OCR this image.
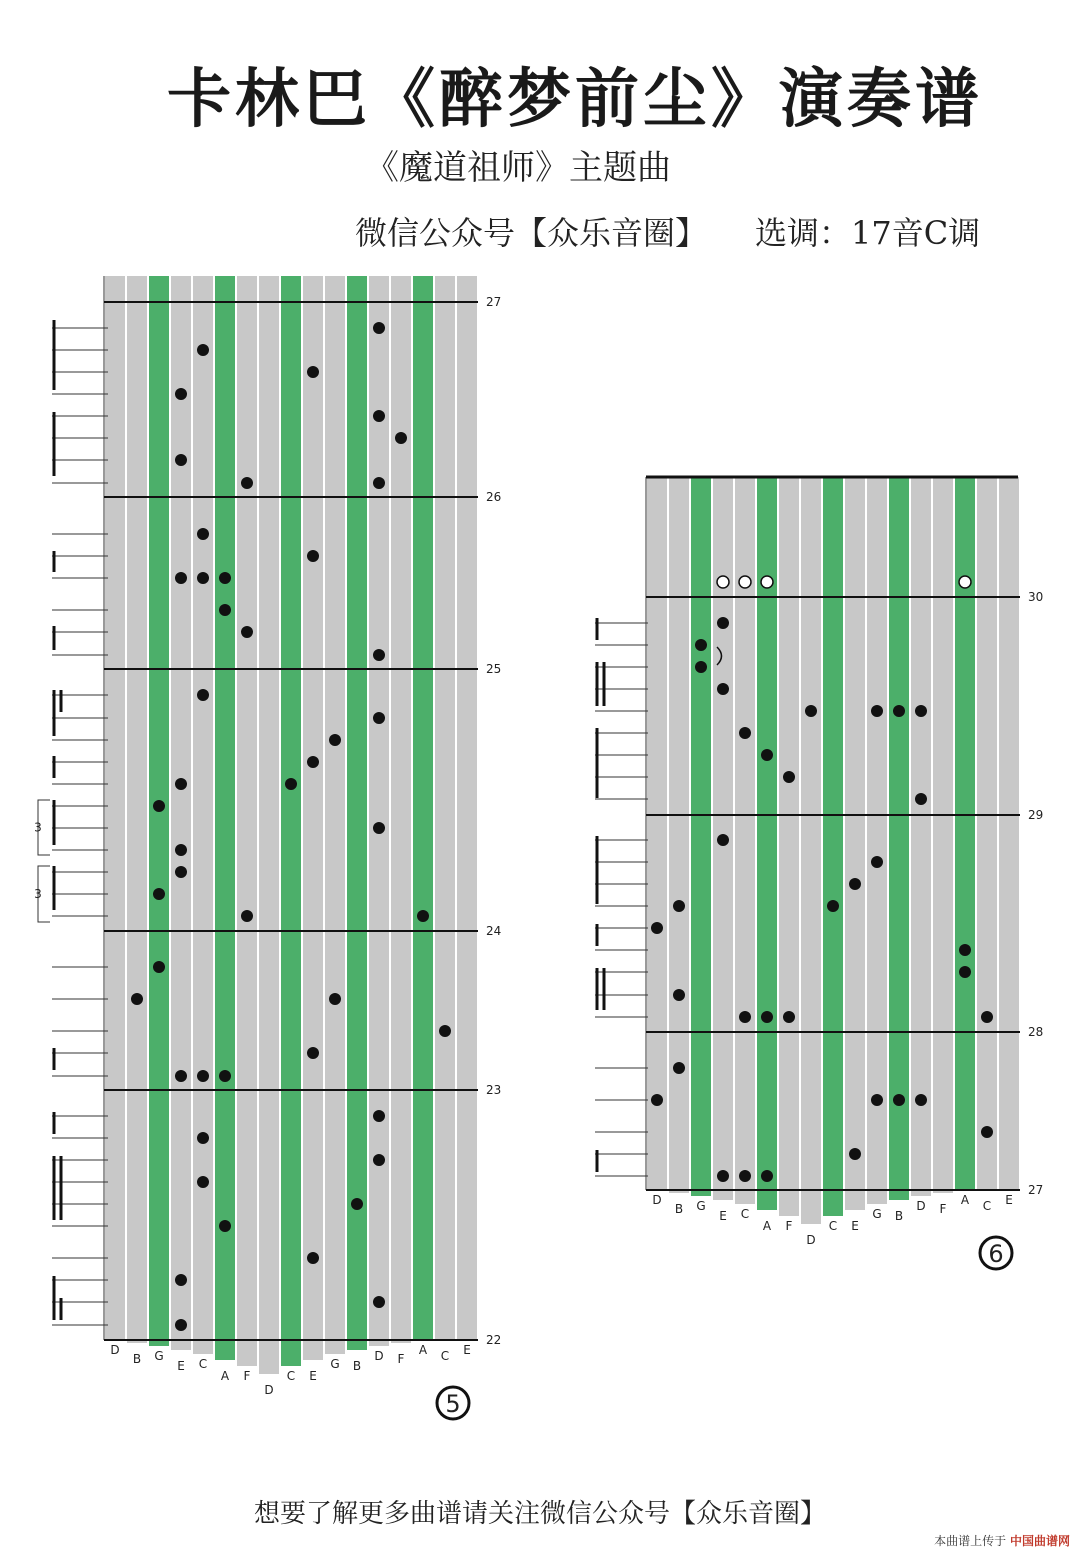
卡林巴《醉梦前尘》演奏谱
《魔道祖师》主题曲
微信公众号【众乐音圈】 选调：17音C调
D
B G
E C
A F
D
C E
G B
D F
A C E
27
26
25
24
23
22
5
3
3
D
B G
E C
A F
D
C E
G B
D F
A C E
30
29
28
27
6
想要了解更多曲谱请关注微信公众号【众乐音圈】
本曲谱上传于 中国曲谱网
